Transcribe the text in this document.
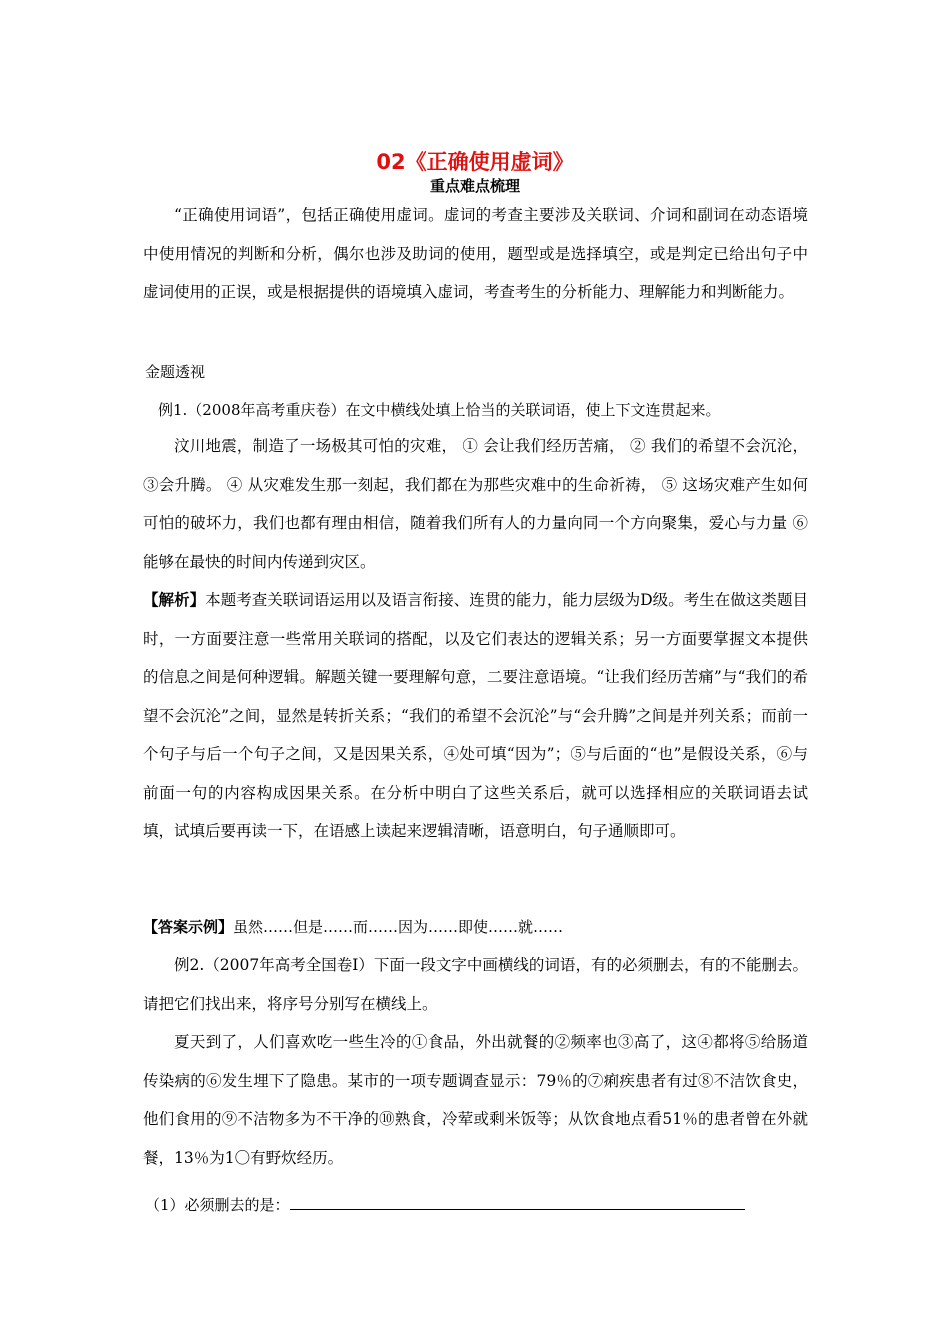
02《正确使用虚词》
重点难点梳理

“正确使用词语”，包括正确使用虚词。虚词的考查主要涉及关联词、介词和副词在动态语境中使用情况的判断和分析，偶尔也涉及助词的使用，题型或是选择填空，或是判定已给出句子中虚词使用的正误，或是根据提供的语境填入虚词，考查考生的分析能力、理解能力和判断能力。

金题透视

例1.（2008年高考重庆卷）在文中横线处填上恰当的关联词语，使上下文连贯起来。

汶川地震，制造了一场极其可怕的灾难， ① 会让我们经历苦痛， ② 我们的希望不会沉沦， ③会升腾。 ④ 从灾难发生那一刻起，我们都在为那些灾难中的生命祈祷， ⑤ 这场灾难产生如何可怕的破坏力，我们也都有理由相信，随着我们所有人的力量向同一个方向聚集，爱心与力量 ⑥ 能够在最快的时间内传递到灾区。

【解析】本题考查关联词语运用以及语言衔接、连贯的能力，能力层级为D级。考生在做这类题目时，一方面要注意一些常用关联词的搭配，以及它们表达的逻辑关系；另一方面要掌握文本提供的信息之间是何种逻辑。解题关键一要理解句意，二要注意语境。“让我们经历苦痛”与“我们的希望不会沉沦”之间，显然是转折关系；“我们的希望不会沉沦”与“会升腾”之间是并列关系；而前一个句子与后一个句子之间，又是因果关系，④处可填“因为”；⑤与后面的“也”是假设关系，⑥与前面一句的内容构成因果关系。在分析中明白了这些关系后，就可以选择相应的关联词语去试填，试填后要再读一下，在语感上读起来逻辑清晰，语意明白，句子通顺即可。

【答案示例】虽然……但是……而……因为……即使……就……

例2.（2007年高考全国卷Ⅰ）下面一段文字中画横线的词语，有的必须删去，有的不能删去。请把它们找出来，将序号分别写在横线上。

夏天到了，人们喜欢吃一些生冷的①食品，外出就餐的②频率也③高了，这④都将⑤给肠道传染病的⑥发生埋下了隐患。某市的一项专题调查显示：79％的⑦痢疾患者有过⑧不洁饮食史，他们食用的⑨不洁物多为不干净的⑩熟食，冷荤或剩米饭等；从饮食地点看51％的患者曾在外就餐，13％为1〇有野炊经历。

（1）必须删去的是：
